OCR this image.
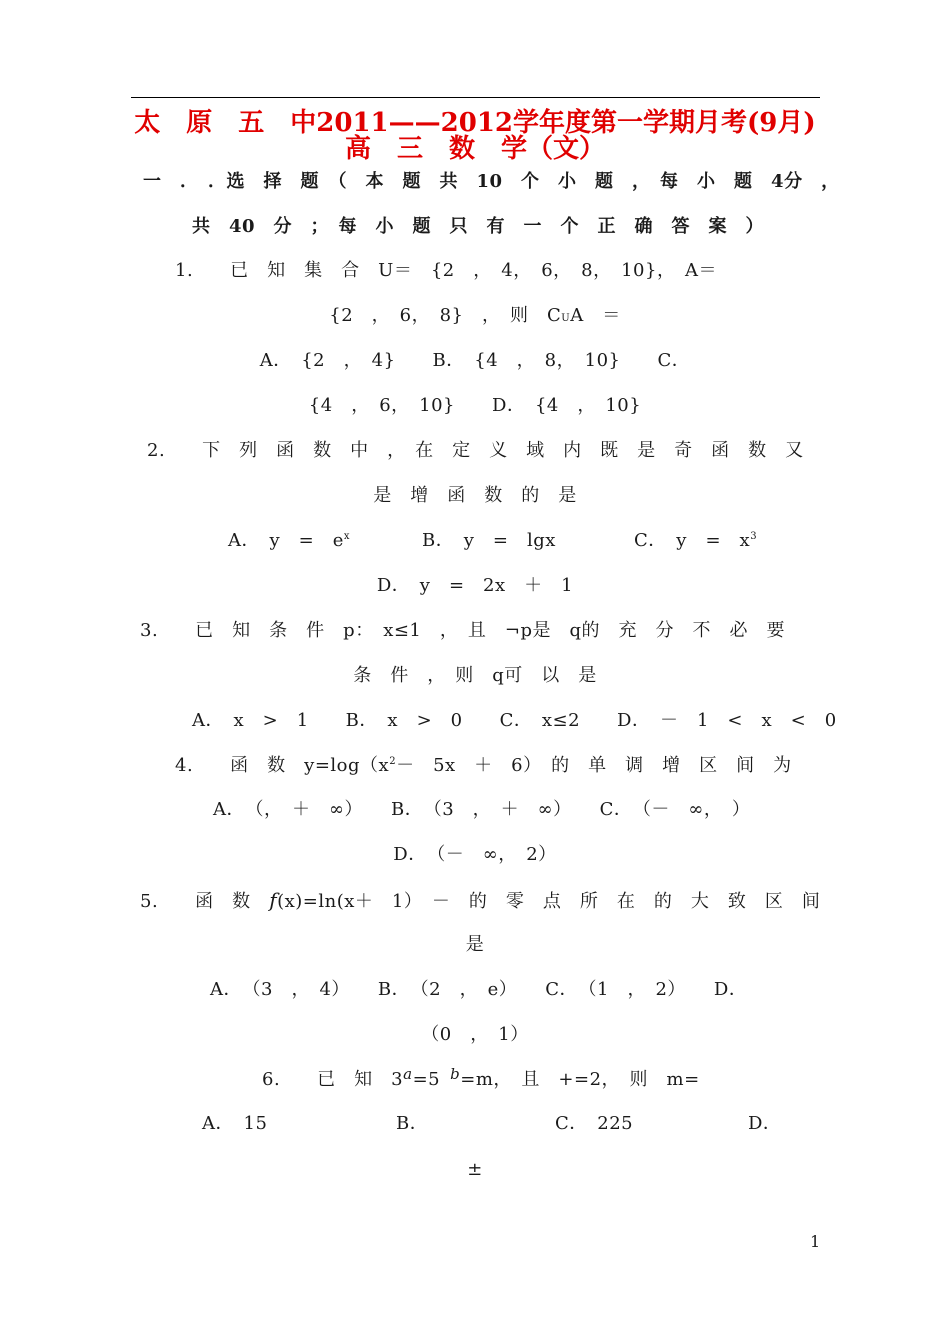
太　原　五　中2011——2012学年度第一学期月考(9月)
高　三　数　学（文）
一　．　．选　择　题　（　本　题　共　10　个　小　题　，　每　小　题　4分　，
共　40　分　；　每　小　题　只　有　一　个　正　确　答　案　）
1.　　已　知　集　合　U＝　{2　，　4，　6，　8，　10}，　A＝
{2　，　6，　8}　，　则　CUA　＝
A．　{2　，　4}　　B．　{4　，　8，　10}　　C．
{4　，　6，　10}　　D．　{4　，　10}
2.　　下　列　函　数　中　，　在　定　义　域　内　既　是　奇　函　数　又
是　增　函　数　的　是
A．　y　=　$e^x$	B．　y　=　lgx	C．　y　=　$x^3$
D．　y　=　2x　＋　1
3.　　已　知　条　件　p：　x≤1　，　且　¬p是　q的　充　分　不　必　要
条　件　，　则　q可　以　是
A．　x　>　1　　B．　x　>　0　　C．　x≤2　　D．　－　1　<　x　<　0
4.　　函　数　$y=\log(x^2-$　5x　＋　6）　的　单　调　增　区　间　为
A．　（，　＋　∞）　　B．　（3　，　＋　∞）　　C．　（－　∞，　）
D．　（－　∞，　2）
5.　　函　数　f(x)=ln(x＋　1）　－　的　零　点　所　在　的　大　致　区　间
是
A．　（3　，　4）　　B．　（2　，　e）　　C．　（1　，　2）　　D．
（0　，　1）
6.　　已　知　$3^a=5$ $^b$=m，　且　+=2，　则　m=
A．　15	B．	C．　225	D．
±
1
